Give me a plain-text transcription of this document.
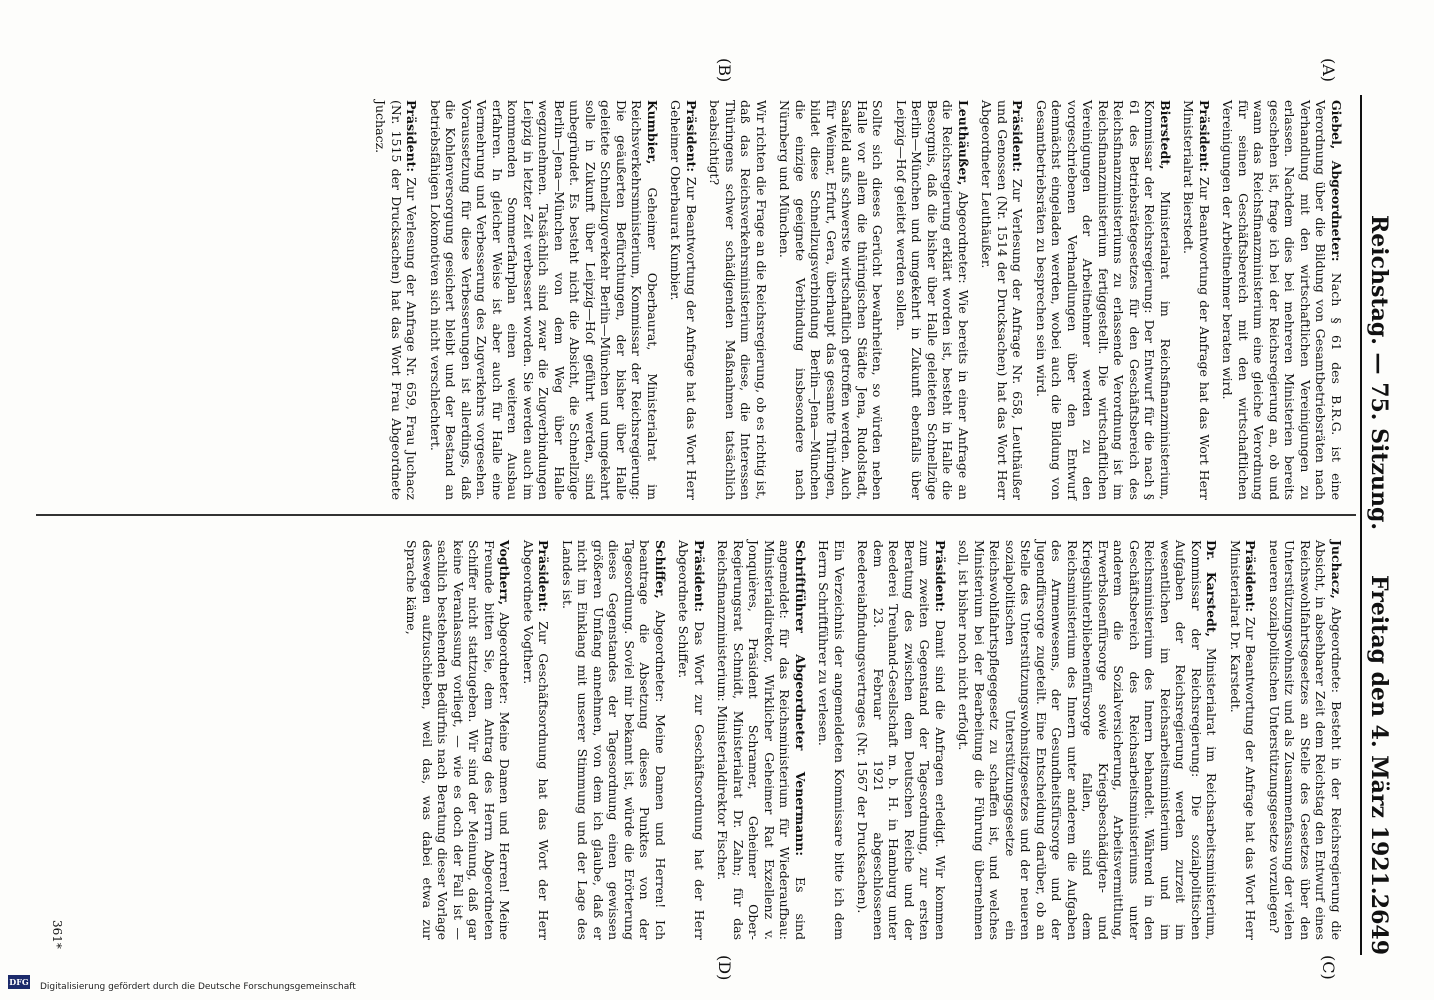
Reichstag. — 75. Sitzung.
Freitag den 4. März 1921.
2649
(A)
(B)
(C)
(D)

Giebel, Abgeordneter: Nach § 61 des B.R.G. ist eine Verordnung über die Bildung von Gesamtbetriebsräten nach Verhandlung mit den wirtschaftlichen Vereinigungen zu erlassen. Nachdem dies bei mehreren Ministerien bereits geschehen ist, frage ich bei der Reichsregierung an, ob und wann das Reichsfinanzministerium eine gleiche Verordnung für seinen Geschäftsbereich mit den wirtschaftlichen Vereinigungen der Arbeitnehmer beraten wird.

Präsident: Zur Beantwortung der Anfrage hat das Wort Herr Ministerialrat Bierstedt.

Bierstedt, Ministerialrat im Reichsfinanzministerium, Kommissar der Reichsregierung: Der Entwurf für die nach § 61 des Betriebsrätegesetzes für den Geschäftsbereich des Reichsfinanzministeriums zu erlassende Verordnung ist im Reichsfinanzministerium fertiggestellt. Die wirtschaftlichen Vereinigungen der Arbeitnehmer werden zu den vorgeschriebenen Verhandlungen über den Entwurf demnächst eingeladen werden, wobei auch die Bildung von Gesamtbetriebsräten zu besprechen sein wird.

Präsident: Zur Verlesung der Anfrage Nr. 658, Leuthäußer und Genossen (Nr. 1514 der Drucksachen) hat das Wort Herr Abgeordneter Leuthäußer.

Leuthäußer, Abgeordneter: Wie bereits in einer Anfrage an die Reichsregierung erklärt worden ist, besteht in Halle die Besorgnis, daß die bisher über Halle geleiteten Schnellzüge Berlin—München und umgekehrt in Zukunft ebenfalls über Leipzig—Hof geleitet werden sollen.

Sollte sich dieses Gerücht bewahrheiten, so würden neben Halle vor allem die thüringischen Städte Jena, Rudolstadt, Saalfeld aufs schwerste wirtschaftlich getroffen werden. Auch für Weimar, Erfurt, Gera, überhaupt das gesamte Thüringen, bildet diese Schnellzugsverbindung Berlin—Jena—München die einzige geeignete Verbindung insbesondere nach Nürnberg und München.

Wir richten die Frage an die Reichsregierung, ob es richtig ist, daß das Reichsverkehrsministerium diese, die Interessen Thüringens schwer schädigenden Maßnahmen tatsächlich beabsichtigt?

Präsident: Zur Beantwortung der Anfrage hat das Wort Herr Geheimer Oberbaurat Kumbier.

Kumbier, Geheimer Oberbaurat, Ministerialrat im Reichsverkehrsministerium, Kommissar der Reichsregierung: Die geäußerten Befürchtungen, der bisher über Halle geleitete Schnellzugverkehr Berlin—München und umgekehrt solle in Zukunft über Leipzig—Hof geführt werden, sind unbegründet. Es besteht nicht die Absicht, die Schnellzüge Berlin—Jena—München von dem Weg über Halle wegzunehmen. Tatsächlich sind zwar die Zugverbindungen Leipzig in letzter Zeit verbessert worden. Sie werden auch im kommenden Sommerfahrplan einen weiteren Ausbau erfahren. In gleicher Weise ist aber auch für Halle eine Vermehrung und Verbesserung des Zugverkehrs vorgesehen. Voraussetzung für diese Verbesserungen ist allerdings, daß die Kohlenversorgung gesichert bleibt und der Bestand an betriebsfähigen Lokomotiven sich nicht verschlechtert.

Präsident: Zur Verlesung der Anfrage Nr. 659, Frau Juchacz (Nr. 1515 der Drucksachen) hat das Wort Frau Abgeordnete Juchacz.

Juchacz, Abgeordnete: Besteht in der Reichsregierung die Absicht, in absehbarer Zeit dem Reichstag den Entwurf eines Reichswohlfahrtsgesetzes an Stelle des Gesetzes über den Unterstützungswohnsitz und als Zusammenfassung der vielen neueren sozialpolitischen Unterstützungsgesetze vorzulegen?

Präsident: Zur Beantwortung der Anfrage hat das Wort Herr Ministerialrat Dr. Karstedt.

Dr. Karstedt, Ministerialrat im Reichsarbeitsministerium, Kommissar der Reichsregierung: Die sozialpolitischen Aufgaben der Reichsregierung werden zurzeit im wesentlichen im Reichsarbeitsministerium und im Reichsministerium des Innern behandelt. Während in den Geschäftsbereich des Reichsarbeitsministeriums unter anderem die Sozialversicherung, Arbeitsvermittlung, Erwerbslosenfürsorge sowie Kriegsbeschädigten- und Kriegshinterbliebenenfürsorge fallen, sind dem Reichsministerium des Innern unter anderem die Aufgaben des Armenwesens, der Gesundheitsfürsorge und der Jugendfürsorge zugeteilt. Eine Entscheidung darüber, ob an Stelle des Unterstützungswohnsitzgesetzes und der neueren sozialpolitischen Unterstützungsgesetze ein Reichswohlfahrtspflegegesetz zu schaffen ist, und welches Ministerium bei der Bearbeitung die Führung übernehmen soll, ist bisher noch nicht erfolgt.

Präsident: Damit sind die Anfragen erledigt. Wir kommen zum zweiten Gegenstand der Tagesordnung, zur ersten Beratung des zwischen dem Deutschen Reiche und der Reederei Treuhand-Gesellschaft m. b. H. in Hamburg unter dem 23. Februar 1921 abgeschlossenen Reedereiabfindungsvertrages (Nr. 1567 der Drucksachen).

Ein Verzeichnis der angemeldeten Kommissare bitte ich dem Herrn Schriftführer zu verlesen.

Schriftführer Abgeordneter Venermann: Es sind angemeldet: für das Reichsministerium für Wiederaufbau: Ministerialdirektor, Wirklicher Geheimer Rat Exzellenz v. Jonquières, Präsident Schramer, Geheimer Ober-Regierungsrat Schmidt, Ministerialrat Dr. Zahn; für das Reichsfinanzministerium: Ministerialdirektor Fischer.

Präsident: Das Wort zur Geschäftsordnung hat der Herr Abgeordnete Schiffer.

Schiffer, Abgeordneter: Meine Damen und Herren! Ich beantrage die Absetzung dieses Punktes von der Tagesordnung. Soviel mir bekannt ist, würde die Erörterung dieses Gegenstandes der Tagesordnung einen gewissen größeren Umfang annehmen, von dem ich glaube, daß er nicht im Einklang mit unserer Stimmung und der Lage des Landes ist.

Präsident: Zur Geschäftsordnung hat das Wort der Herr Abgeordnete Vogtherr.

Vogtherr, Abgeordneter: Meine Damen und Herren! Meine Freunde bitten Sie, dem Antrag des Herrn Abgeordneten Schiffer nicht stattzugeben. Wir sind der Meinung, daß gar keine Veranlassung vorliegt, — wie es doch der Fall ist — sachlich bestehenden Bedürfnis nach Beratung dieser Vorlage deswegen aufzuschieben, weil das, was dabei etwa zur Sprache käme,

361*
DFG Digitalisierung gefördert durch die Deutsche Forschungsgemeinschaft
